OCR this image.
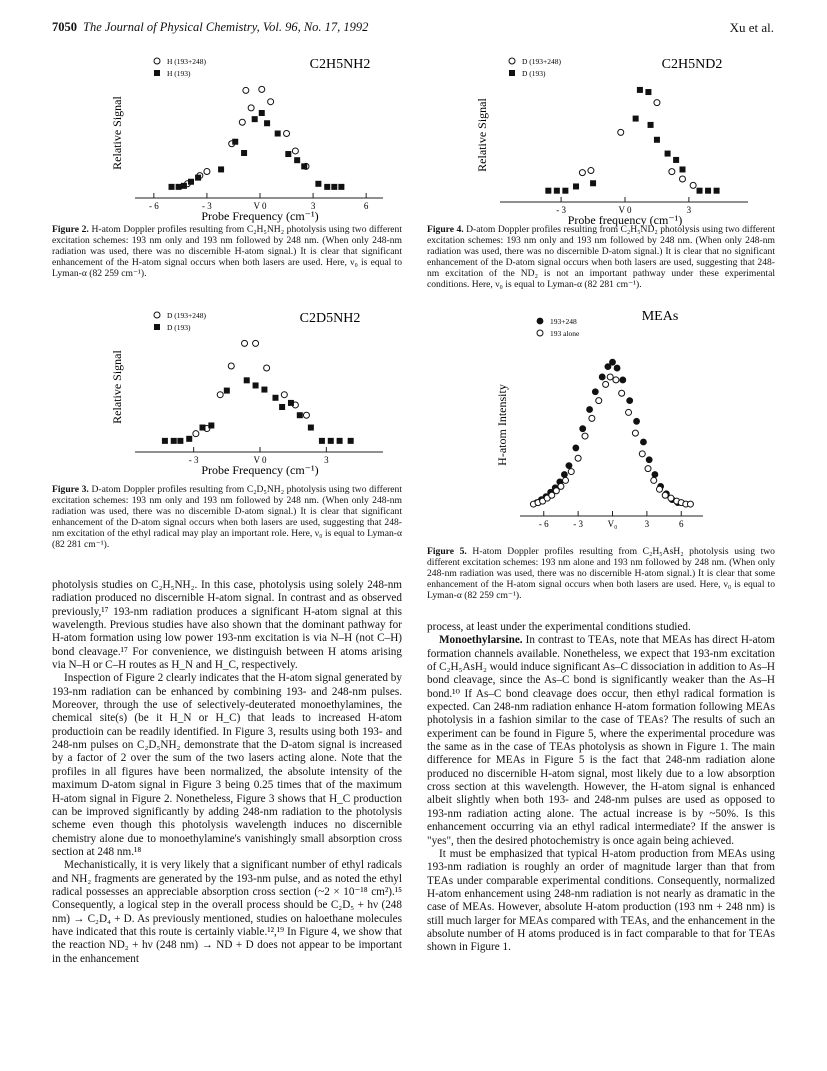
7050 The Journal of Physical Chemistry, Vol. 96, No. 17, 1992	Xu et al.
C2H5NH2
Relative Signal
- 6	- 3	V 0	3	6
Probe Frequency (cm⁻¹)
H (193+248)
H (193)
Figure 2. H-atom Doppler profiles resulting from C₂H₅NH₂ photolysis using two different excitation schemes: 193 nm only and 193 nm followed by 248 nm. (When only 248-nm radiation was used, there was no discernible H-atom signal.) It is clear that significant enhancement of the H-atom signal occurs when both lasers are used. Here, ν₀ is equal to Lyman-α (82 259 cm⁻¹).
C2D5NH2
Relative Signal
- 3	V 0	3
Probe Frequency (cm⁻¹)
D (193+248)
D (193)
Figure 3. D-atom Doppler profiles resulting from C₂D₅NH₂ photolysis using two different excitation schemes: 193 nm only and 193 nm followed by 248 nm. (When only 248-nm radiation was used, there was no discernible D-atom signal.) It is clear that significant enhancement of the D-atom signal occurs when both lasers are used, suggesting that 248-nm excitation of the ethyl radical may play an important role. Here, ν₀ is equal to Lyman-α (82 281 cm⁻¹).
C2H5ND2
Relative Signal
- 3	V 0	3
Probe frequency (cm⁻¹)
D (193+248)
D (193)
Figure 4. D-atom Doppler profiles resulting from C₂H₅ND₂ photolysis using two different excitation schemes: 193 nm only and 193 nm followed by 248 nm. (When only 248-nm radiation was used, there was no discernible D-atom signal.) It is clear that no significant enhancement of the D-atom signal occurs when both lasers are used, suggesting that 248-nm excitation of the ND₂ is not an important pathway under these experimental conditions. Here, ν₀ is equal to Lyman-α (82 281 cm⁻¹).
MEAs
H-atom Intensity
- 6	- 3	V₀	3	6
193+248
193 alone
Figure 5. H-atom Doppler profiles resulting from C₂H₅AsH₂ photolysis using two different excitation schemes: 193 nm alone and 193 nm followed by 248 nm. (When only 248-nm radiation was used, there was no discernible H-atom signal.) It is clear that some enhancement of the H-atom signal occurs when both lasers are used. Here, ν₀ is equal to Lyman-α (82 259 cm⁻¹).

photolysis studies on C₂H₅NH₂. In this case, photolysis using solely 248-nm radiation produced no discernible H-atom signal. In contrast and as observed previously,¹⁷ 193-nm radiation produces a significant H-atom signal at this wavelength. Previous studies have also shown that the dominant pathway for H-atom formation using low power 193-nm excitation is via N–H (not C–H) bond cleavage.¹⁷ For convenience, we distinguish between H atoms arising via N–H or C–H routes as H_N and H_C, respectively.

Inspection of Figure 2 clearly indicates that the H-atom signal generated by 193-nm radiation can be enhanced by combining 193- and 248-nm pulses. Moreover, through the use of selectively-deuterated monoethylamines, the chemical site(s) (be it H_N or H_C) that leads to increased H-atom productioin can be readily identified. In Figure 3, results using both 193- and 248-nm pulses on C₂D₅NH₂ demonstrate that the D-atom signal is increased by a factor of 2 over the sum of the two lasers acting alone. Note that the profiles in all figures have been normalized, the absolute intensity of the maximum D-atom signal in Figure 3 being 0.25 times that of the maximum H-atom signal in Figure 2. Nonetheless, Figure 3 shows that H_C production can be improved significantly by adding 248-nm radiation to the photolysis scheme even though this photolysis wavelength induces no discernible chemistry alone due to monoethylamine's vanishingly small absorption cross section at 248 nm.¹⁸

Mechanistically, it is very likely that a significant number of ethyl radicals and NH₂ fragments are generated by the 193-nm pulse, and as noted the ethyl radical possesses an appreciable absorption cross section (~2 × 10⁻¹⁸ cm²).¹⁵ Consequently, a logical step in the overall process should be C₂D₅ + hν (248 nm) → C₂D₄ + D. As previously mentioned, studies on haloethane molecules have indicated that this route is certainly viable.¹²,¹⁹ In Figure 4, we show that the reaction ND₂ + hν (248 nm) → ND + D does not appear to be important in the enhancement

process, at least under the experimental conditions studied.

Monoethylarsine. In contrast to TEAs, note that MEAs has direct H-atom formation channels available. Nonetheless, we expect that 193-nm excitation of C₂H₅AsH₂ would induce significant As–C dissociation in addition to As–H bond cleavage, since the As–C bond is significantly weaker than the As–H bond.¹⁰ If As–C bond cleavage does occur, then ethyl radical formation is expected. Can 248-nm radiation enhance H-atom formation following MEAs photolysis in a fashion similar to the case of TEAs? The results of such an experiment can be found in Figure 5, where the experimental procedure was the same as in the case of TEAs photolysis as shown in Figure 1. The main difference for MEAs in Figure 5 is the fact that 248-nm radiation alone produced no discernible H-atom signal, most likely due to a low absorption cross section at this wavelength. However, the H-atom signal is enhanced albeit slightly when both 193- and 248-nm pulses are used as opposed to 193-nm radiation acting alone. The actual increase is by ~50%. Is this enhancement occurring via an ethyl radical intermediate? If the answer is "yes", then the desired photochemistry is once again being achieved.

It must be emphasized that typical H-atom production from MEAs using 193-nm radiation is roughly an order of magnitude larger than that from TEAs under comparable experimental conditions. Consequently, normalized H-atom enhancement using 248-nm radiation is not nearly as dramatic in the case of MEAs. However, absolute H-atom production (193 nm + 248 nm) is still much larger for MEAs compared with TEAs, and the enhancement in the absolute number of H atoms produced is in fact comparable to that for TEAs shown in Figure 1.
